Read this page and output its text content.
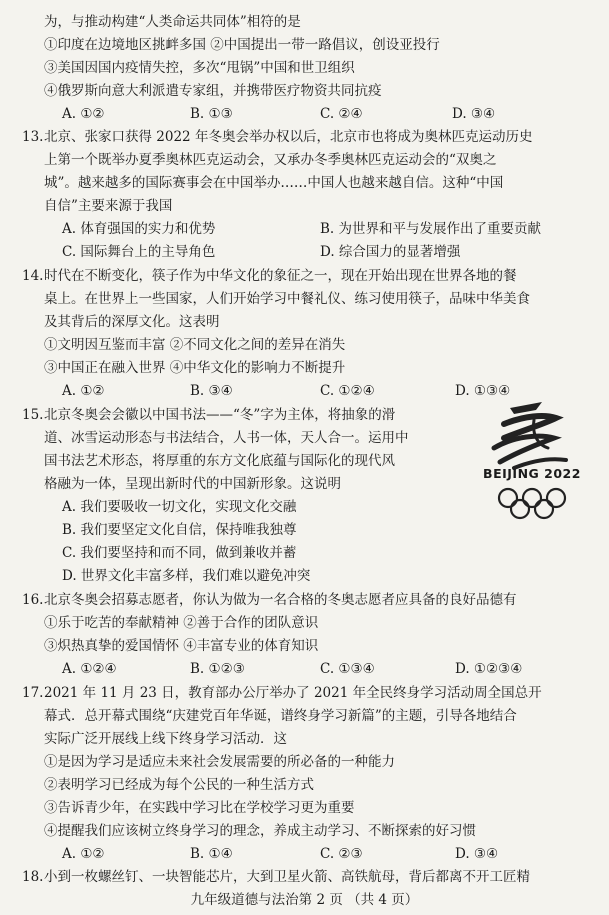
为，与推动构建“人类命运共同体”相符的是
①印度在边境地区挑衅多国 ②中国提出一带一路倡议，创设亚投行
③美国因国内疫情失控，多次“甩锅”中国和世卫组织
④俄罗斯向意大利派遣专家组，并携带医疗物资共同抗疫
A. ①②	B. ①③	C. ②④	D. ③④
13. 北京、张家口获得 2022 年冬奥会举办权以后，北京市也将成为奥林匹克运动历史
上第一个既举办夏季奥林匹克运动会，又承办冬季奥林匹克运动会的“双奥之
城”。越来越多的国际赛事会在中国举办……中国人也越来越自信。这种“中国
自信”主要来源于我国
A. 体育强国的实力和优势	B. 为世界和平与发展作出了重要贡献
C. 国际舞台上的主导角色	D. 综合国力的显著增强
14. 时代在不断变化，筷子作为中华文化的象征之一，现在开始出现在世界各地的餐
桌上。在世界上一些国家，人们开始学习中餐礼仪、练习使用筷子，品味中华美食
及其背后的深厚文化。这表明
①文明因互鉴而丰富 ②不同文化之间的差异在消失
③中国正在融入世界 ④中华文化的影响力不断提升
A. ①②	B. ③④	C. ①②④	D. ①③④
15. 北京冬奥会会徽以中国书法——“冬”字为主体，将抽象的滑
道、冰雪运动形态与书法结合，人书一体，天人合一。运用中
国书法艺术形态，将厚重的东方文化底蕴与国际化的现代风
格融为一体，呈现出新时代的中国新形象。这说明
A. 我们要吸收一切文化，实现文化交融
B. 我们要坚定文化自信，保持唯我独尊
C. 我们要坚持和而不同，做到兼收并蓄
D. 世界文化丰富多样，我们难以避免冲突
BEIJING 2022
16. 北京冬奥会招募志愿者，你认为做为一名合格的冬奥志愿者应具备的良好品德有
①乐于吃苦的奉献精神 ②善于合作的团队意识
③炽热真挚的爱国情怀 ④丰富专业的体育知识
A. ①②④	B. ①②③	C. ①③④	D. ①②③④
17. 2021 年 11 月 23 日，教育部办公厅举办了 2021 年全民终身学习活动周全国总开
幕式．总开幕式围绕“庆建党百年华诞，谱终身学习新篇”的主题，引导各地结合
实际广泛开展线上线下终身学习活动．这
①是因为学习是适应未来社会发展需要的所必备的一种能力
②表明学习已经成为每个公民的一种生活方式
③告诉青少年，在实践中学习比在学校学习更为重要
④提醒我们应该树立终身学习的理念，养成主动学习、不断探索的好习惯
A. ①②	B. ①④	C. ②③	D. ③④
18. 小到一枚螺丝钉、一块智能芯片，大到卫星火箭、高铁航母，背后都离不开工匠精
九年级道德与法治第 2 页 （共 4 页）
